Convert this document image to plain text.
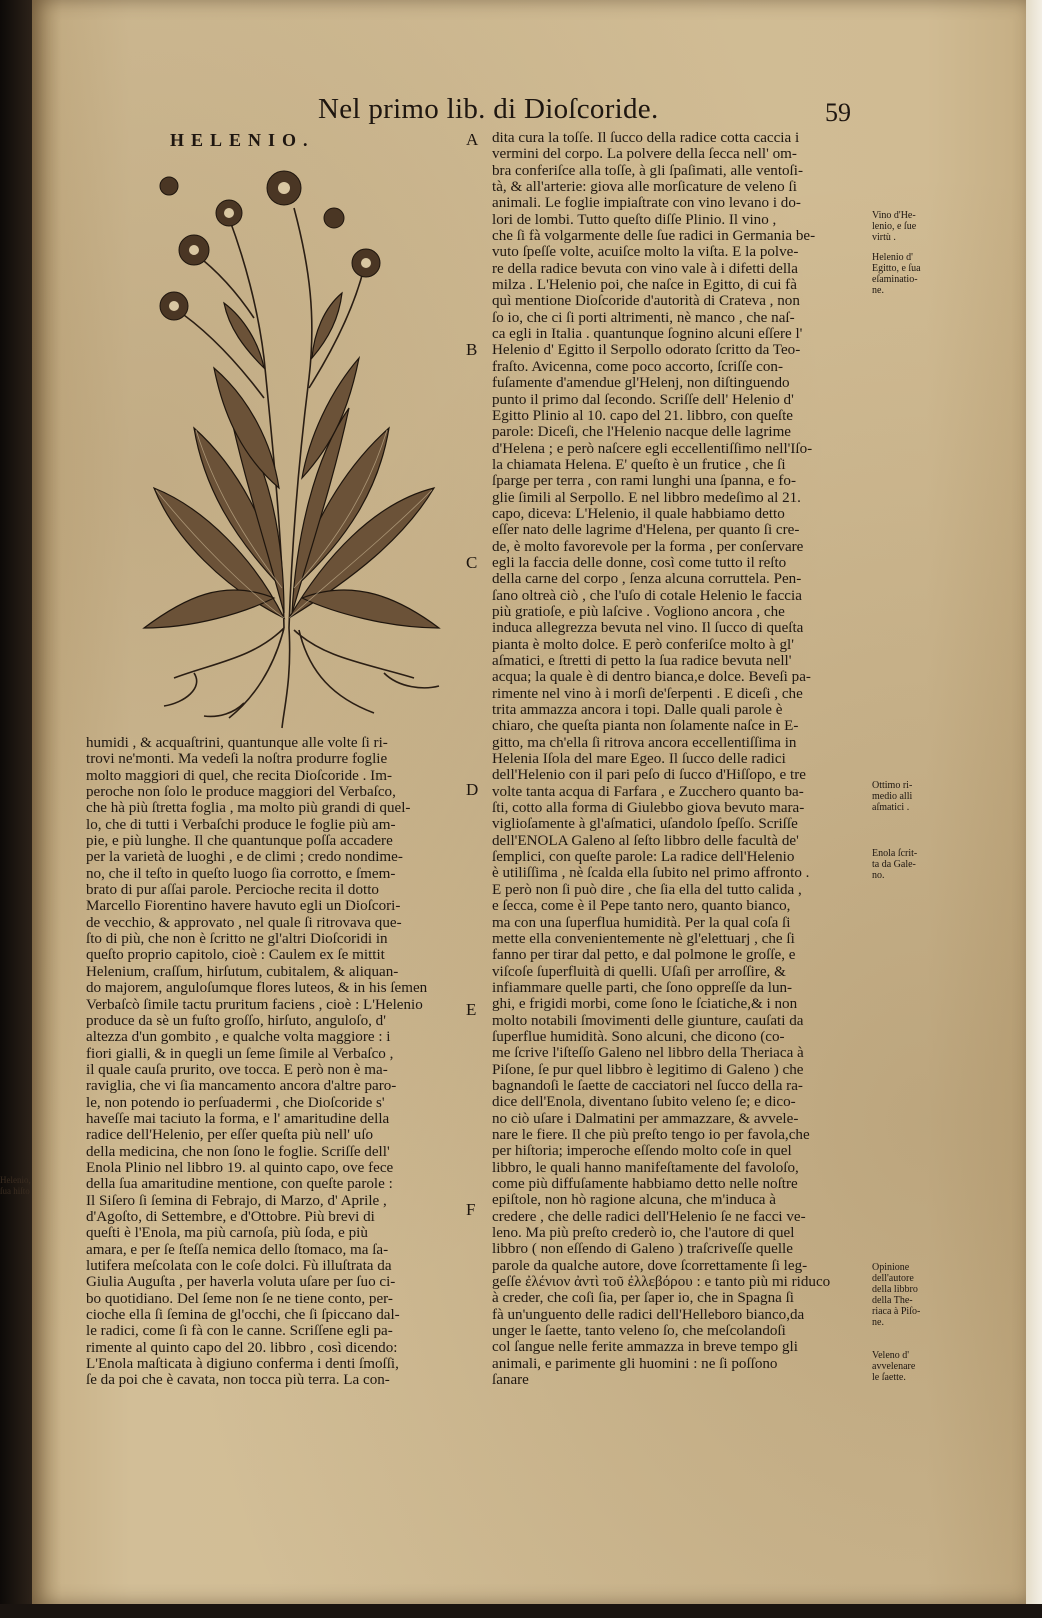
Nel primo lib. di Dioſcoride.	59
HELENIO.	A
B
C
D
E
F
dita cura la toſſe. Il ſucco della radice cotta caccia i
vermini del corpo. La polvere della ſecca nell' om-
bra conferiſce alla toſſe, à gli ſpaſimati, alle ventoſi-
tà, & all'arterie: giova alle morſicature de veleno ſi
animali. Le foglie impiaſtrate con vino levano i do-
lori de lombi. Tutto queſto diſſe Plinio. Il vino ,
che ſi fà volgarmente delle ſue radici in Germania be-
vuto ſpeſſe volte, acuiſce molto la viſta. E la polve-
re della radice bevuta con vino vale à i difetti della
milza . L'Helenio poi, che naſce in Egitto, di cui fà
quì mentione Dioſcoride d'autorità di Crateva , non
ſo io, che ci ſi porti altrimenti, nè manco , che naſ-
ca egli in Italia . quantunque ſognino alcuni eſſere l'
Helenio d' Egitto il Serpollo odorato ſcritto da Teo-
fraſto. Avicenna, come poco accorto, ſcriſſe con-
fuſamente d'amendue gl'Helenj, non diſtinguendo
punto il primo dal ſecondo. Scriſſe dell' Helenio d'
Egitto Plinio al 10. capo del 21. libbro, con queſte
parole: Diceſi, che l'Helenio nacque delle lagrime
d'Helena ; e però naſcere egli eccellentiſſimo nell'Iſo-
la chiamata Helena. E' queſto è un frutice , che ſi
ſparge per terra , con rami lunghi una ſpanna, e fo-
glie ſimili al Serpollo. E nel libbro medeſimo al 21.
capo, diceva: L'Helenio, il quale habbiamo detto
eſſer nato delle lagrime d'Helena, per quanto ſi cre-
de, è molto favorevole per la forma , per conſervare
egli la faccia delle donne, così come tutto il reſto
della carne del corpo , ſenza alcuna corruttela. Pen-
ſano oltreà ciò , che l'uſo di cotale Helenio le faccia
più gratioſe, e più laſcive . Vogliono ancora , che
induca allegrezza bevuta nel vino. Il ſucco di queſta
pianta è molto dolce. E però conferiſce molto à gl'
aſmatici, e ſtretti di petto la ſua radice bevuta nell'
acqua; la quale è di dentro bianca,e dolce. Beveſi pa-
rimente nel vino à i morſi de'ſerpenti . E diceſi , che
trita ammazza ancora i topi. Dalle quali parole è
chiaro, che queſta pianta non ſolamente naſce in E-
gitto, ma ch'ella ſi ritrova ancora eccellentiſſima in
Helenia Iſola del mare Egeo. Il ſucco delle radici
dell'Helenio con il pari peſo di ſucco d'Hiſſopo, e tre
volte tanta acqua di Farfara , e Zucchero quanto ba-
ſti, cotto alla forma di Giulebbo giova bevuto mara-
viglioſamente à gl'aſmatici, uſandolo ſpeſſo. Scriſſe
dell'ENOLA Galeno al ſeſto libbro delle facultà de'
ſemplici, con queſte parole: La radice dell'Helenio
è utiliſſima , nè ſcalda ella ſubito nel primo affronto .
E però non ſi può dire , che ſia ella del tutto calida ,
e ſecca, come è il Pepe tanto nero, quanto bianco,
ma con una ſuperflua humidità. Per la qual coſa ſi
mette ella convenientemente nè gl'elettuarj , che ſi
fanno per tirar dal petto, e dal polmone le groſſe, e
viſcoſe ſuperfluità di quelli. Uſaſi per arroſſire, &
infiammare quelle parti, che ſono oppreſſe da lun-
ghi, e frigidi morbi, come ſono le ſciatiche,& i non
molto notabili ſmovimenti delle giunture, cauſati da
ſuperflue humidità. Sono alcuni, che dicono (co-
me ſcrive l'iſteſſo Galeno nel libbro della Theriaca à
Piſone, ſe pur quel libbro è legitimo di Galeno ) che
bagnandoſi le ſaette de cacciatori nel ſucco della ra-
dice dell'Enola, diventano ſubito veleno ſe; e dico-
no ciò uſare i Dalmatini per ammazzare, & avvele-
nare le fiere. Il che più preſto tengo io per favola,che
per hiſtoria; imperoche eſſendo molto coſe in quel
libbro, le quali hanno manifeſtamente del favoloſo,
come più diffuſamente habbiamo detto nelle noſtre
epiſtole, non hò ragione alcuna, che m'induca à
credere , che delle radici dell'Helenio ſe ne facci ve-
leno. Ma più preſto crederò io, che l'autore di quel
libbro ( non eſſendo di Galeno ) traſcriveſſe quelle
parole da qualche autore, dove ſcorrettamente ſi leg-
geſſe ἐλένιον ἀντὶ τοῦ ἐλλεβόρου : e tanto più mi riduco
à creder, che coſi ſia, per ſaper io, che in Spagna ſi
fà un'unguento delle radici dell'Helleboro bianco,da
unger le ſaette, tanto veleno ſo, che meſcolandoſi
col ſangue nelle ferite ammazza in breve tempo gli
animali, e parimente gli huomini : ne ſi poſſono
ſanare
humidi , & acquaſtrini, quantunque alle volte ſi ri-
trovi ne'monti. Ma vedeſi la noſtra produrre foglie
molto maggiori di quel, che recita Dioſcoride . Im-
peroche non ſolo le produce maggiori del Verbaſco,
che hà più ſtretta foglia , ma molto più grandi di quel-
lo, che di tutti i Verbaſchi produce le foglie più am-
pie, e più lunghe. Il che quantunque poſſa accadere
per la varietà de luoghi , e de climi ; credo nondime-
no, che il teſto in queſto luogo ſia corrotto, e ſmem-
brato di pur aſſai parole. Percioche recita il dotto
Marcello Fiorentino havere havuto egli un Dioſcori-
de vecchio, & approvato , nel quale ſi ritrovava que-
ſto di più, che non è ſcritto ne gl'altri Dioſcoridi in
queſto proprio capitolo, cioè : Caulem ex ſe mittit
Helenium, craſſum, hirſutum, cubitalem, & aliquan-
do majorem, anguloſumque flores luteos, & in his ſemen
Verbaſcò ſimile tactu pruritum faciens , cioè : L'Helenio
produce da sè un fuſto groſſo, hirſuto, anguloſo, d'
altezza d'un gombito , e qualche volta maggiore : i
fiori gialli, & in quegli un ſeme ſimile al Verbaſco ,
il quale cauſa prurito, ove tocca. E però non è ma-
raviglia, che vi ſia mancamento ancora d'altre paro-
le, non potendo io perſuadermi , che Dioſcoride s'
haveſſe mai taciuto la forma, e l' amaritudine della
radice dell'Helenio, per eſſer queſta più nell' uſo
della medicina, che non ſono le foglie. Scriſſe dell'
Enola Plinio nel libbro 19. al quinto capo, ove fece
della ſua amaritudine mentione, con queſte parole :
Il Siſero ſi ſemina di Febrajo, di Marzo, d' Aprile ,
d'Agoſto, di Settembre, e d'Ottobre. Più brevi di
queſti è l'Enola, ma più carnoſa, più ſoda, e più
amara, e per ſe ſteſſa nemica dello ſtomaco, ma ſa-
lutifera meſcolata con le coſe dolci. Fù illuſtrata da
Giulia Auguſta , per haverla voluta uſare per ſuo ci-
bo quotidiano. Del ſeme non ſe ne tiene conto, per-
cioche ella ſi ſemina de gl'occhi, che ſi ſpiccano dal-
le radici, come ſi fà con le canne. Scriſſene egli pa-
rimente al quinto capo del 20. libbro , così dicendo:
L'Enola maſticata à digiuno conferma i denti ſmoſſi,
ſe da poi che è cavata, non tocca più terra. La con-
Vino d'He-
lenio, e ſue
virtù .
Helenio d'
Egitto, e ſua
eſaminatio-
ne.
Ottimo ri-
medio alli
aſmatici .
Enola ſcrit-
ta da Gale-
no.
Opinione
dell'autore
della libbro
della The-
riaca à Piſo-
ne.
Veleno d'
avvelenare
le ſaette.
Helenio,
ſua hiſto
